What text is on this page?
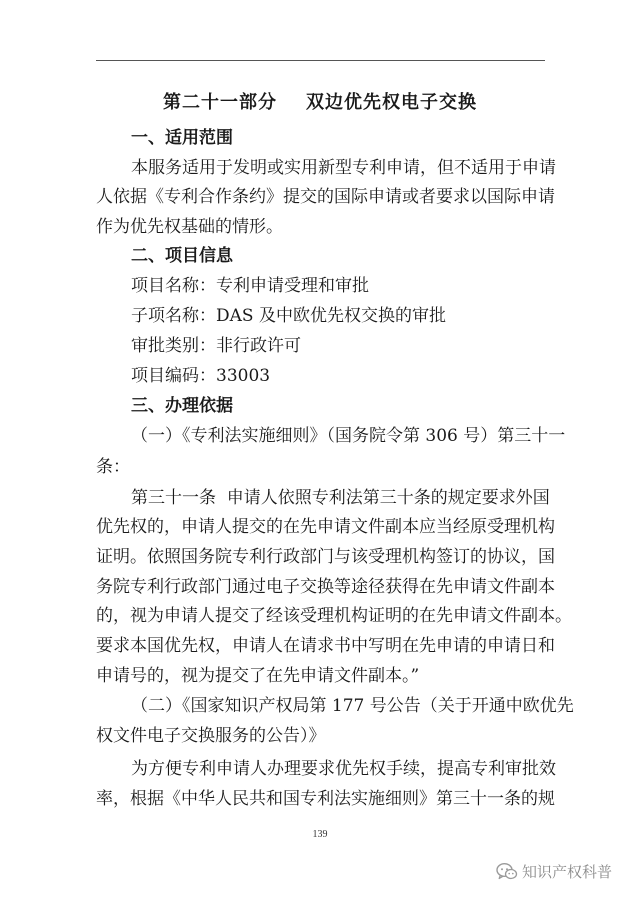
第二十一部分    双边优先权电子交换
一、适用范围
本服务适用于发明或实用新型专利申请，但不适用于申请
人依据《专利合作条约》提交的国际申请或者要求以国际申请
作为优先权基础的情形。
二、项目信息
项目名称：专利申请受理和审批
子项名称：DAS 及中欧优先权交换的审批
审批类别：非行政许可
项目编码：33003
三、办理依据
（一）《专利法实施细则》（国务院令第 306 号）第三十一
条：
第三十一条  申请人依照专利法第三十条的规定要求外国
优先权的，申请人提交的在先申请文件副本应当经原受理机构
证明。依照国务院专利行政部门与该受理机构签订的协议，国
务院专利行政部门通过电子交换等途径获得在先申请文件副本
的，视为申请人提交了经该受理机构证明的在先申请文件副本。
要求本国优先权，申请人在请求书中写明在先申请的申请日和
申请号的，视为提交了在先申请文件副本。”
（二）《国家知识产权局第 177 号公告（关于开通中欧优先
权文件电子交换服务的公告）》
为方便专利申请人办理要求优先权手续，提高专利审批效
率，根据《中华人民共和国专利法实施细则》第三十一条的规
139
知识产权科普
